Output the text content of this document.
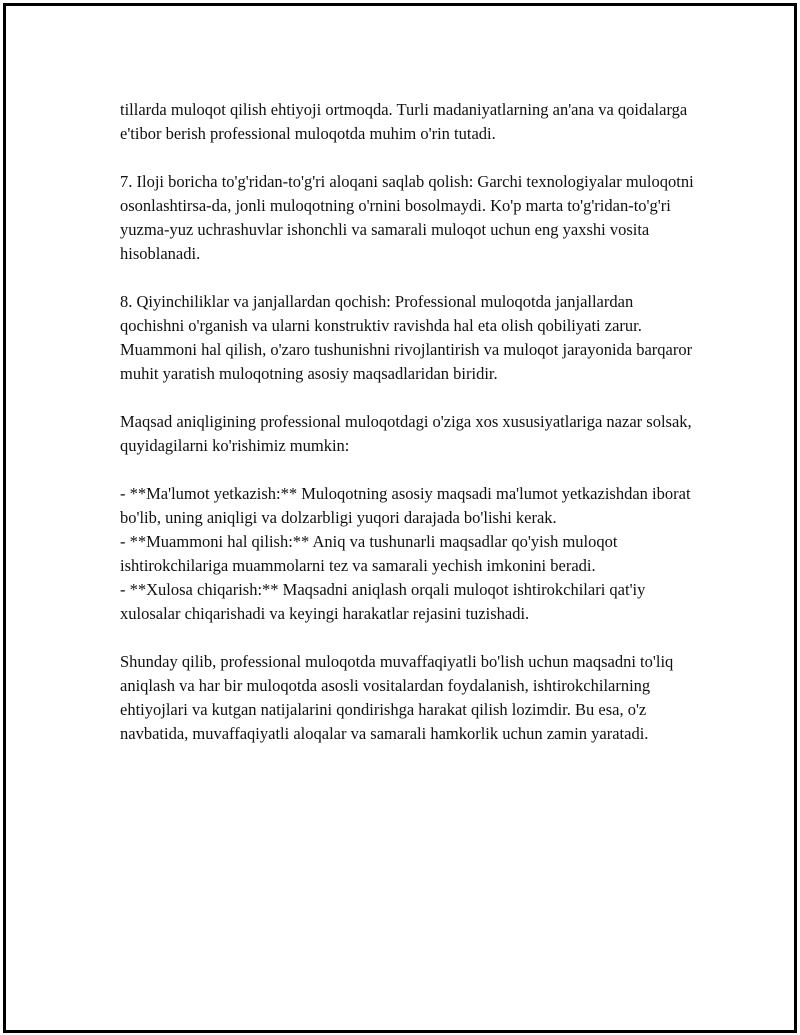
tillarda muloqot qilish ehtiyoji ortmoqda. Turli madaniyatlarning an'ana va qoidalarga e'tibor berish professional muloqotda muhim o'rin tutadi.

7. Iloji boricha to'g'ridan-to'g'ri aloqani saqlab qolish: Garchi texnologiyalar muloqotni osonlashtirsa-da, jonli muloqotning o'rnini bosolmaydi. Ko'p marta to'g'ridan-to'g'ri yuzma-yuz uchrashuvlar ishonchli va samarali muloqot uchun eng yaxshi vosita hisoblanadi.

8. Qiyinchiliklar va janjallardan qochish: Professional muloqotda janjallardan qochishni o'rganish va ularni konstruktiv ravishda hal eta olish qobiliyati zarur. Muammoni hal qilish, o'zaro tushunishni rivojlantirish va muloqot jarayonida barqaror muhit yaratish muloqotning asosiy maqsadlaridan biridir.

Maqsad aniqligining professional muloqotdagi o'ziga xos xususiyatlariga nazar solsak, quyidagilarni ko'rishimiz mumkin:

- **Ma'lumot yetkazish:** Muloqotning asosiy maqsadi ma'lumot yetkazishdan iborat bo'lib, uning aniqligi va dolzarbligi yuqori darajada bo'lishi kerak.

- **Muammoni hal qilish:** Aniq va tushunarli maqsadlar qo'yish muloqot ishtirokchilariga muammolarni tez va samarali yechish imkonini beradi.

- **Xulosa chiqarish:** Maqsadni aniqlash orqali muloqot ishtirokchilari qat'iy xulosalar chiqarishadi va keyingi harakatlar rejasini tuzishadi.

Shunday qilib, professional muloqotda muvaffaqiyatli bo'lish uchun maqsadni to'liq aniqlash va har bir muloqotda asosli vositalardan foydalanish, ishtirokchilarning ehtiyojlari va kutgan natijalarini qondirishga harakat qilish lozimdir. Bu esa, o'z navbatida, muvaffaqiyatli aloqalar va samarali hamkorlik uchun zamin yaratadi.
